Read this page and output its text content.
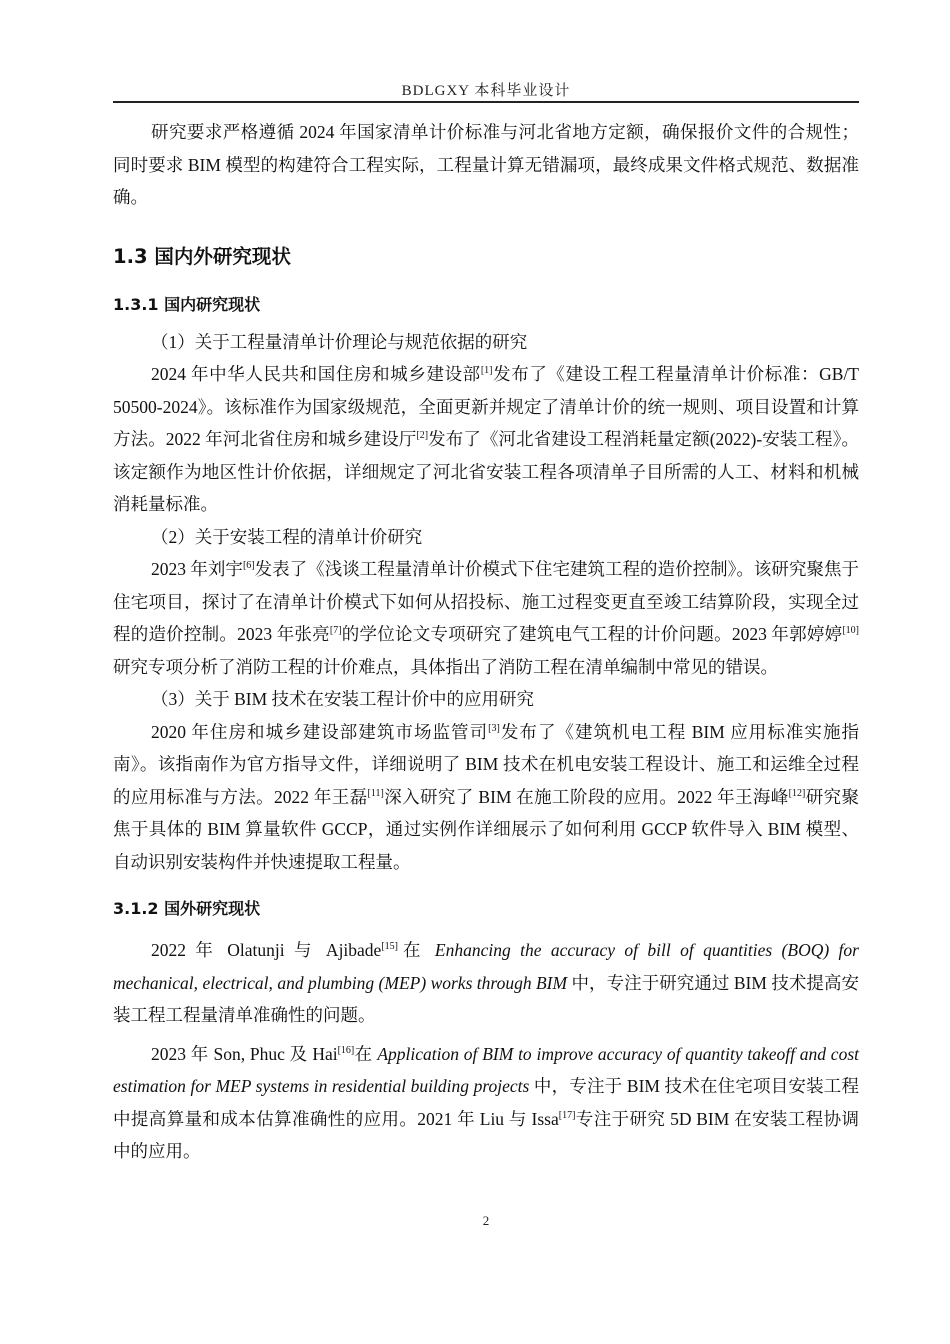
BDLGXY 本科毕业设计

研究要求严格遵循 2024 年国家清单计价标准与河北省地方定额，确保报价文件的合规性；同时要求 BIM 模型的构建符合工程实际，工程量计算无错漏项，最终成果文件格式规范、数据准确。

1.3 国内外研究现状
1.3.1 国内研究现状

（1）关于工程量清单计价理论与规范依据的研究

2024 年中华人民共和国住房和城乡建设部[1]发布了《建设工程工程量清单计价标准：GB/T 50500-2024》。该标准作为国家级规范，全面更新并规定了清单计价的统一规则、项目设置和计算方法。2022 年河北省住房和城乡建设厅[2]发布了《河北省建设工程消耗量定额(2022)-安装工程》。该定额作为地区性计价依据，详细规定了河北省安装工程各项清单子目所需的人工、材料和机械消耗量标准。

（2）关于安装工程的清单计价研究

2023 年刘宇[6]发表了《浅谈工程量清单计价模式下住宅建筑工程的造价控制》。该研究聚焦于住宅项目，探讨了在清单计价模式下如何从招投标、施工过程变更直至竣工结算阶段，实现全过程的造价控制。2023 年张亮[7]的学位论文专项研究了建筑电气工程的计价问题。2023 年郭婷婷[10]研究专项分析了消防工程的计价难点，具体指出了消防工程在清单编制中常见的错误。

（3）关于 BIM 技术在安装工程计价中的应用研究

2020 年住房和城乡建设部建筑市场监管司[3]发布了《建筑机电工程 BIM 应用标准实施指南》。该指南作为官方指导文件，详细说明了 BIM 技术在机电安装工程设计、施工和运维全过程的应用标准与方法。2022 年王磊[11]深入研究了 BIM 在施工阶段的应用。2022 年王海峰[12]研究聚焦于具体的 BIM 算量软件 GCCP，通过实例作详细展示了如何利用 GCCP 软件导入 BIM 模型、自动识别安装构件并快速提取工程量。

3.1.2 国外研究现状

2022 年 Olatunji 与 Ajibade[15]在 Enhancing the accuracy of bill of quantities (BOQ) for mechanical, electrical, and plumbing (MEP) works through BIM 中，专注于研究通过 BIM 技术提高安装工程工程量清单准确性的问题。

2023 年 Son, Phuc 及 Hai[16]在 Application of BIM to improve accuracy of quantity takeoff and cost estimation for MEP systems in residential building projects 中，专注于 BIM 技术在住宅项目安装工程中提高算量和成本估算准确性的应用。2021 年 Liu 与 Issa[17]专注于研究 5D BIM 在安装工程协调中的应用。

2
